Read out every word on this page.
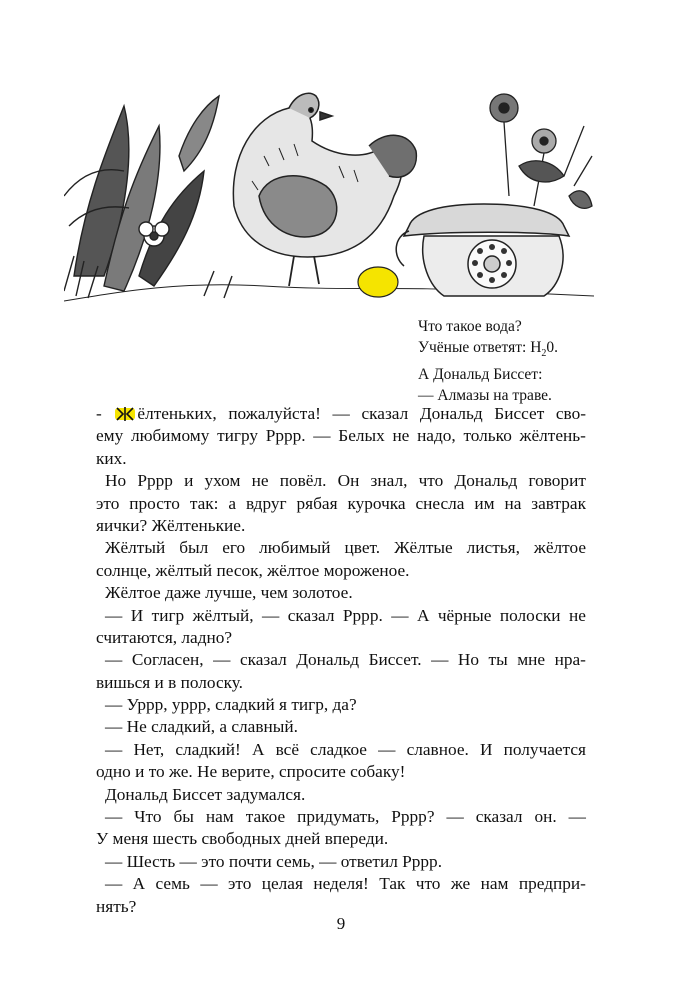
Что такое вода?
Учёные ответят: $Н_20$.
А Дональд Биссет:
— Алмазы на траве.
- ёлтеньких, пожалуйста! — сказал Дональд Биссет сво-
ему любимому тигру Рррр. — Белых не надо, только жёлтень-
ких.
Но Рррр и ухом не повёл. Он знал, что Дональд говорит
это просто так: а вдруг рябая курочка снесла им на завтрак
яички? Жёлтенькие.
Жёлтый был его любимый цвет. Жёлтые листья, жёлтое
солнце, жёлтый песок, жёлтое мороженое.
Жёлтое даже лучше, чем золотое.
— И тигр жёлтый, — сказал Рррр. — А чёрные полоски не
считаются, ладно?
— Согласен, — сказал Дональд Биссет. — Но ты мне нра-
вишься и в полоску.
— Уррр, уррр, сладкий я тигр, да?
— Не сладкий, а славный.
— Нет, сладкий! А всё сладкое — славное. И получается
одно и то же. Не верите, спросите собаку!
Дональд Биссет задумался.
— Что бы нам такое придумать, Рррр? — сказал он. —
У меня шесть свободных дней впереди.
— Шесть — это почти семь, — ответил Рррр.
— А семь — это целая неделя! Так что же нам предпри-
нять?
9
